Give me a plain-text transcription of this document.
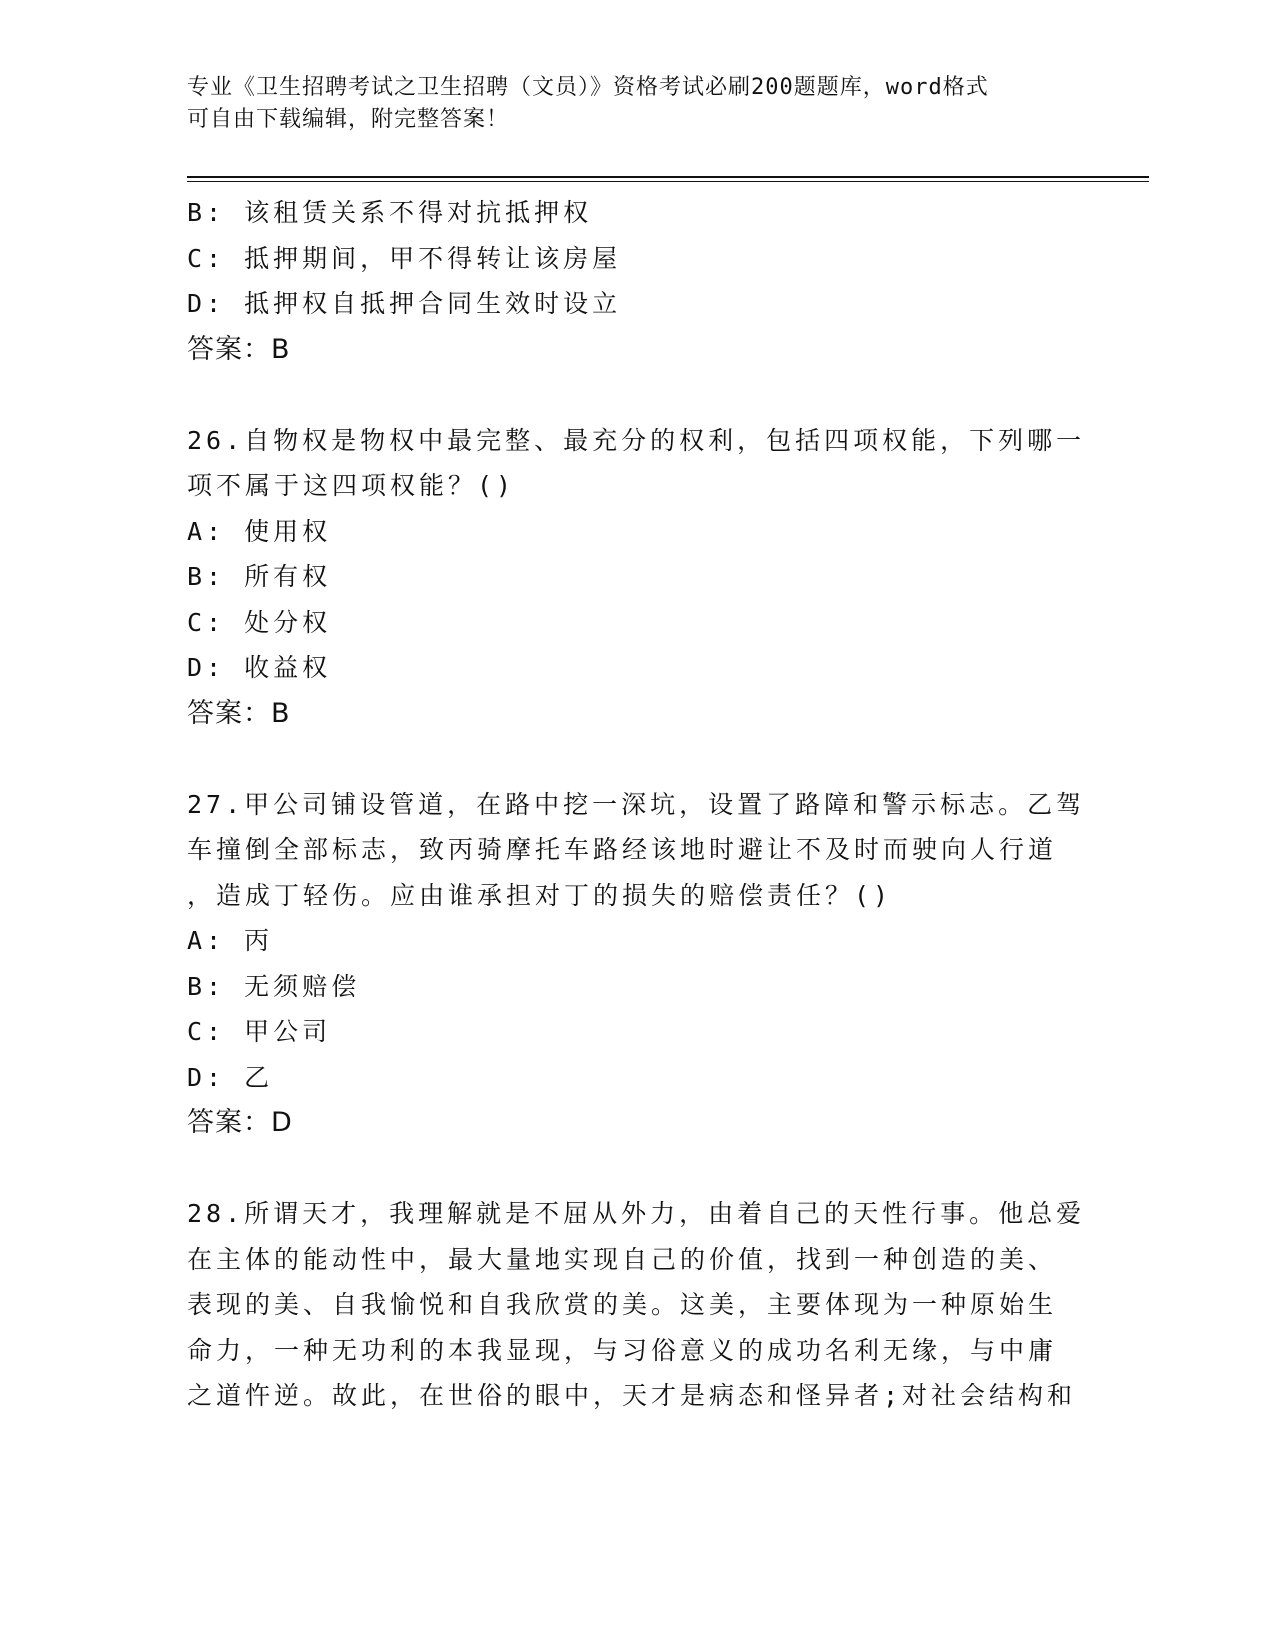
专业《卫生招聘考试之卫生招聘（文员）》资格考试必刷200题题库，word格式
可自由下载编辑，附完整答案！
B: 该租赁关系不得对抗抵押权
C: 抵押期间，甲不得转让该房屋
D: 抵押权自抵押合同生效时设立
答案：B
26.自物权是物权中最完整、最充分的权利，包括四项权能，下列哪一
项不属于这四项权能？()
A: 使用权
B: 所有权
C: 处分权
D: 收益权
答案：B
27.甲公司铺设管道，在路中挖一深坑，设置了路障和警示标志。乙驾
车撞倒全部标志，致丙骑摩托车路经该地时避让不及时而驶向人行道
，造成丁轻伤。应由谁承担对丁的损失的赔偿责任？()
A: 丙
B: 无须赔偿
C: 甲公司
D: 乙
答案：D
28.所谓天才，我理解就是不屈从外力，由着自己的天性行事。他总爱
在主体的能动性中，最大量地实现自己的价值，找到一种创造的美、
表现的美、自我愉悦和自我欣赏的美。这美，主要体现为一种原始生
命力，一种无功利的本我显现，与习俗意义的成功名利无缘，与中庸
之道忤逆。故此，在世俗的眼中，天才是病态和怪异者;对社会结构和
